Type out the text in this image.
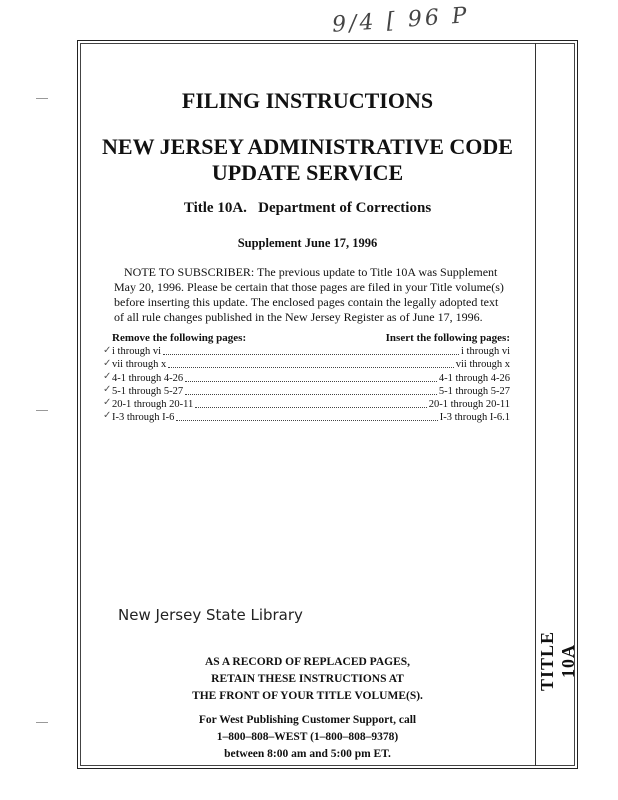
9/4 [ 96 P
TITLE 10A
FILING INSTRUCTIONS
NEW JERSEY ADMINISTRATIVE CODE
UPDATE SERVICE
Title 10A.   Department of Corrections
Supplement June 17, 1996

NOTE TO SUBSCRIBER: The previous update to Title 10A was Supplement May 20, 1996. Please be certain that those pages are filed in your Title volume(s) before inserting this update. The enclosed pages contain the legally adopted text of all rule changes published in the New Jersey Register as of June 17, 1996.

Remove the following pages:	Insert the following pages:
i through vi	i through vi
vii through x	vii through x
4-1 through 4-26	4-1 through 4-26
5-1 through 5-27	5-1 through 5-27
20-1 through 20-11	20-1 through 20-11
I-3 through I-6	I-3 through I-6.1
✓
✓
✓
✓
✓
✓
New Jersey State Library
AS A RECORD OF REPLACED PAGES,
RETAIN THESE INSTRUCTIONS AT
THE FRONT OF YOUR TITLE VOLUME(S).
For West Publishing Customer Support, call
1–800–808–WEST (1–800–808–9378)
between 8:00 am and 5:00 pm ET.
